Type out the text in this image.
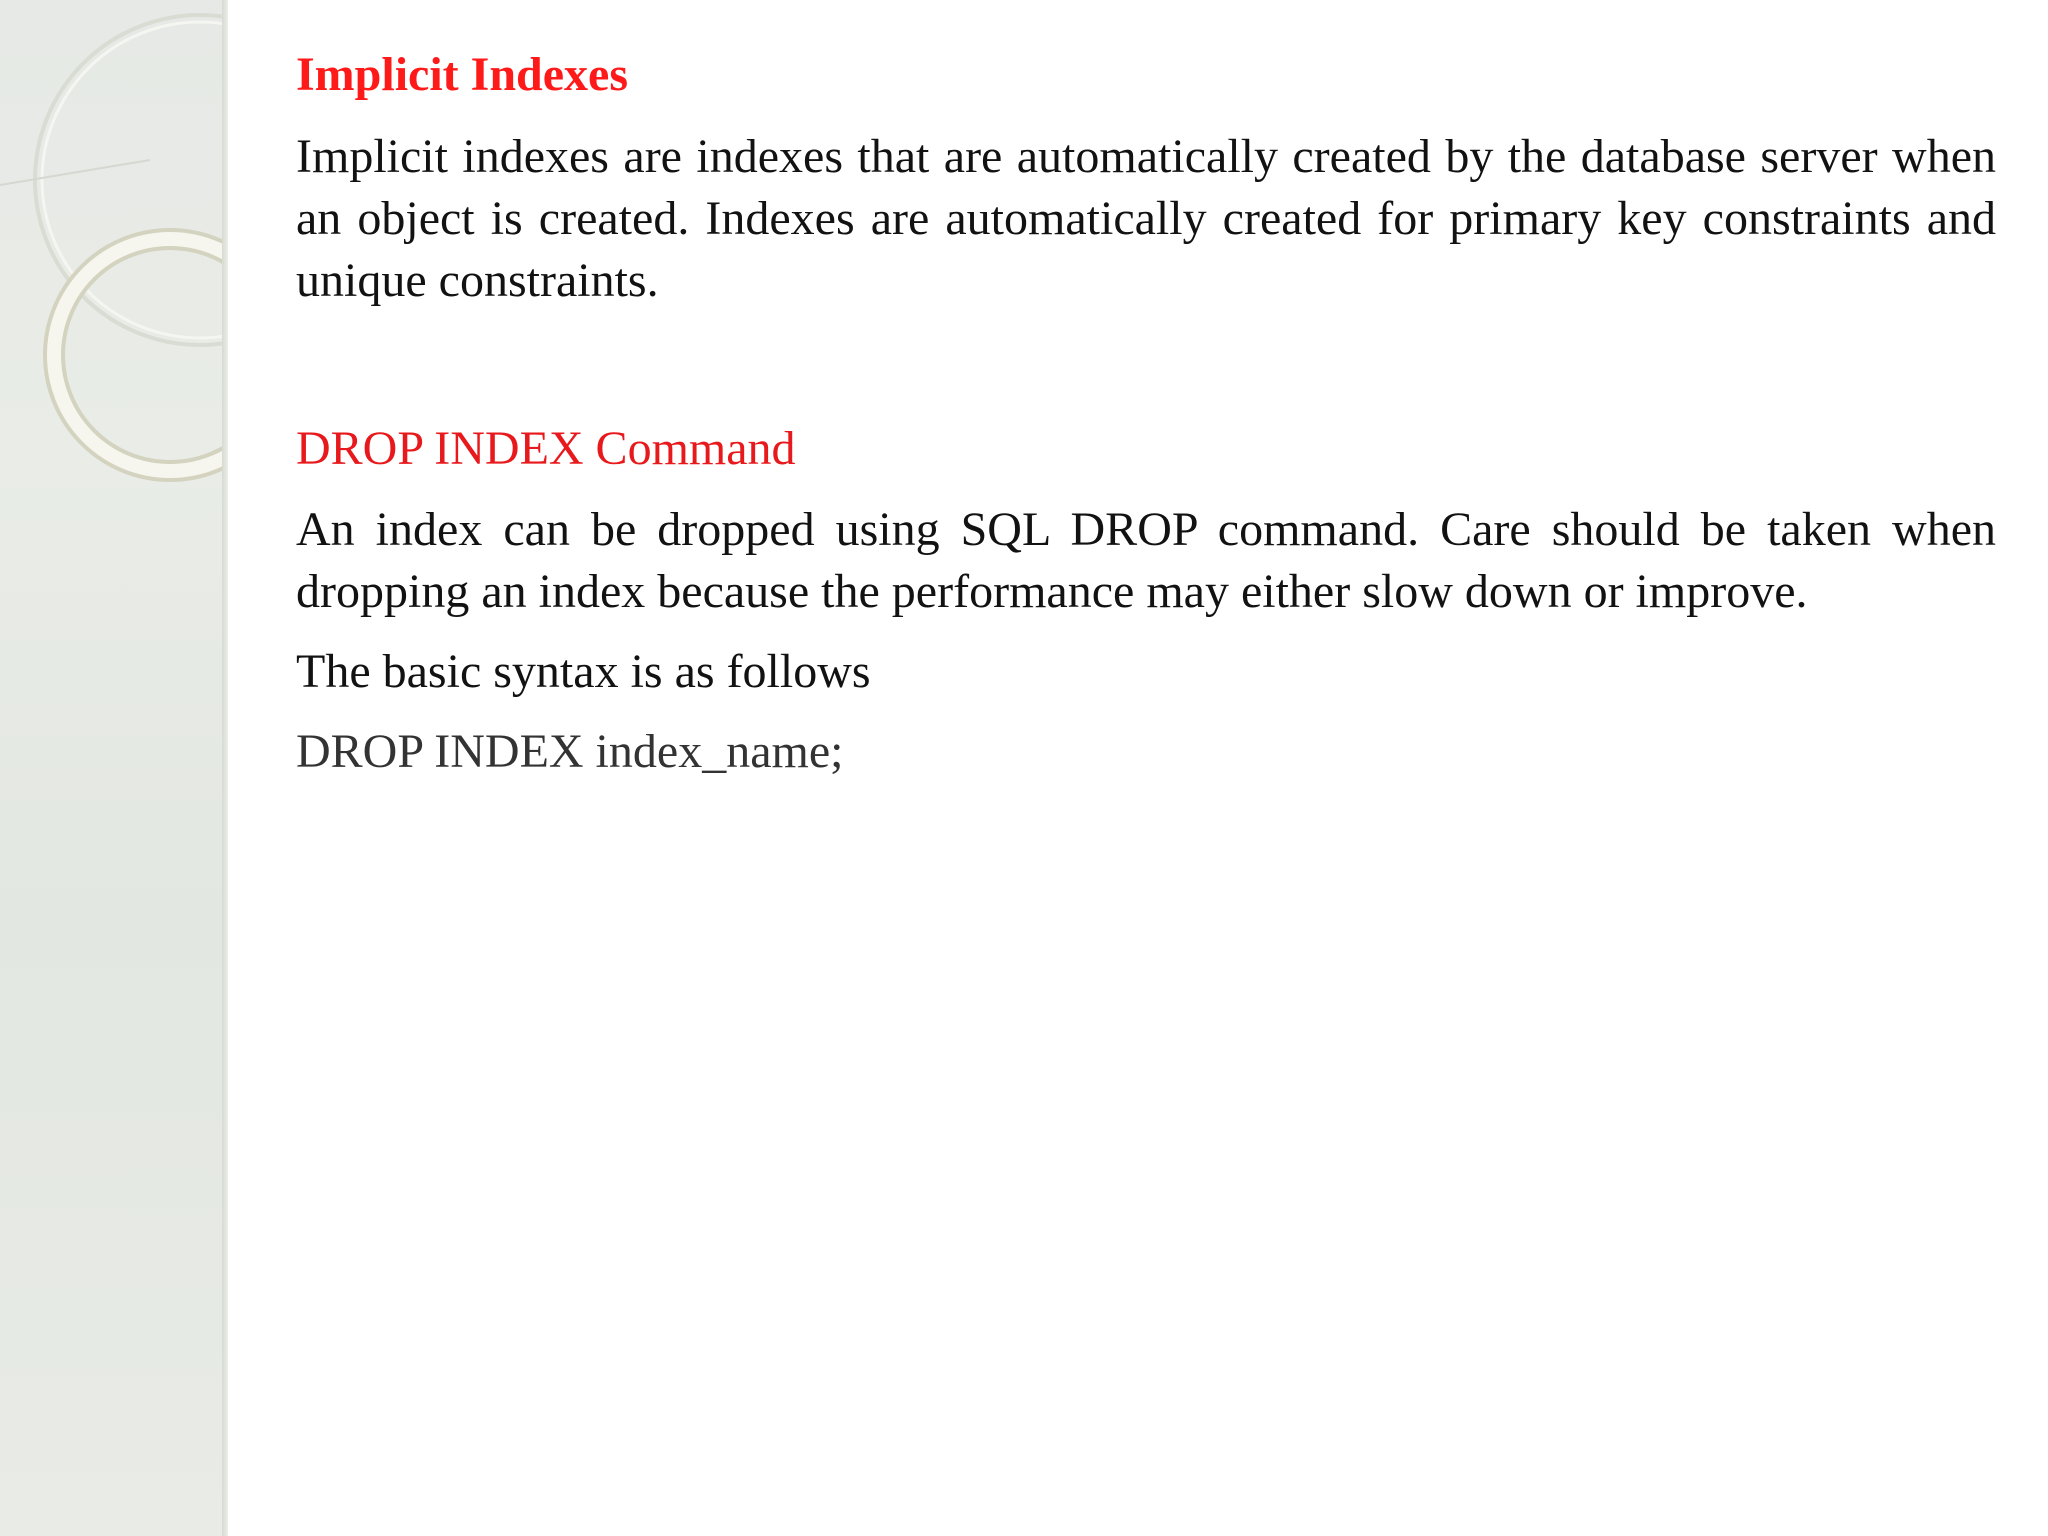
Implicit Indexes

Implicit indexes are indexes that are automatically created by the database server when an object is created. Indexes are automatically created for primary key constraints and unique constraints.

DROP INDEX Command

An index can be dropped using SQL DROP command. Care should be taken when dropping an index because the performance may either slow down or improve.

The basic syntax is as follows

DROP INDEX index_name;
